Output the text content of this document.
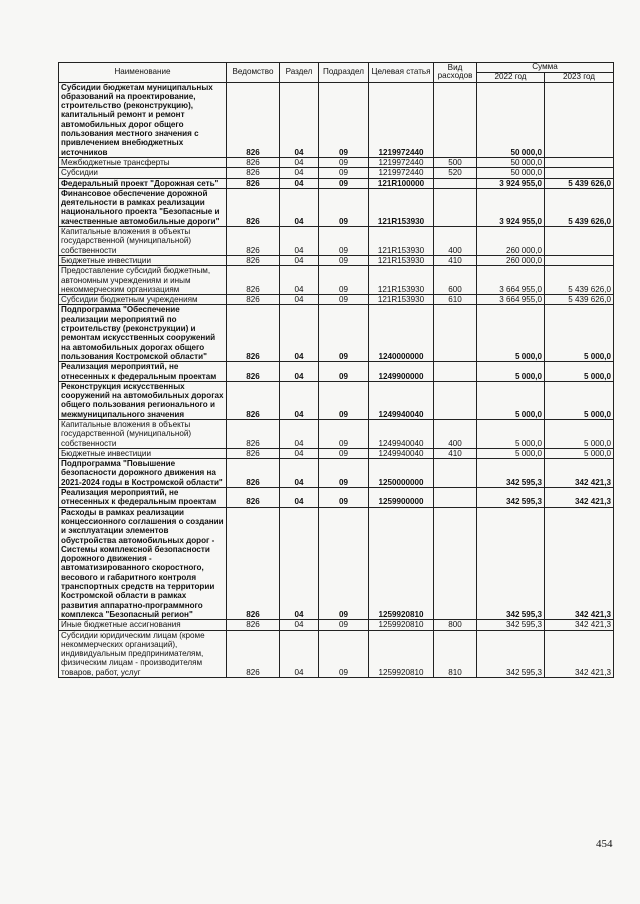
Наименование	Ведомство	Раздел	Подраздел	Целевая статья	Вид расходов	Сумма	
						2022 год	2023 год
Субсидии бюджетам муниципальных образований на проектирование, строительство (реконструкцию), капитальный ремонт и ремонт автомобильных дорог общего пользования местного значения с привлечением внебюджетных источников	826	04	09	1219972440		50 000,0	
Межбюджетные трансферты	826	04	09	1219972440	500	50 000,0	
Субсидии	826	04	09	1219972440	520	50 000,0	
Федеральный проект "Дорожная сеть"	826	04	09	121R100000		3 924 955,0	5 439 626,0
Финансовое обеспечение дорожной деятельности в рамках реализации национального проекта "Безопасные и качественные автомобильные дороги"	826	04	09	121R153930		3 924 955,0	5 439 626,0
Капитальные вложения в объекты государственной (муниципальной) собственности	826	04	09	121R153930	400	260 000,0	
Бюджетные инвестиции	826	04	09	121R153930	410	260 000,0	
Предоставление субсидий бюджетным, автономным учреждениям и иным некоммерческим организациям	826	04	09	121R153930	600	3 664 955,0	5 439 626,0
Субсидии бюджетным учреждениям	826	04	09	121R153930	610	3 664 955,0	5 439 626,0
Подпрограмма "Обеспечение реализации мероприятий по строительству (реконструкции) и ремонтам искусственных сооружений на автомобильных дорогах общего пользования Костромской области"	826	04	09	1240000000		5 000,0	5 000,0
Реализация мероприятий, не отнесенных к федеральным проектам	826	04	09	1249900000		5 000,0	5 000,0
Реконструкция искусственных сооружений на автомобильных дорогах общего пользования регионального и межмуниципального значения	826	04	09	1249940040		5 000,0	5 000,0
Капитальные вложения в объекты государственной (муниципальной) собственности	826	04	09	1249940040	400	5 000,0	5 000,0
Бюджетные инвестиции	826	04	09	1249940040	410	5 000,0	5 000,0
Подпрограмма "Повышение безопасности дорожного движения на 2021-2024 годы в Костромской области"	826	04	09	1250000000		342 595,3	342 421,3
Реализация мероприятий, не отнесенных к федеральным проектам	826	04	09	1259900000		342 595,3	342 421,3
Расходы в рамках реализации концессионного соглашения о создании и эксплуатации элементов обустройства автомобильных дорог - Системы комплексной безопасности дорожного движения - автоматизированного скоростного, весового и габаритного контроля транспортных средств на территории Костромской области в рамках развития аппаратно-программного комплекса "Безопасный регион"	826	04	09	1259920810		342 595,3	342 421,3
Иные бюджетные ассигнования	826	04	09	1259920810	800	342 595,3	342 421,3
Субсидии юридическим лицам (кроме некоммерческих организаций), индивидуальным предпринимателям, физическим лицам - производителям товаров, работ, услуг	826	04	09	1259920810	810	342 595,3	342 421,3
454
